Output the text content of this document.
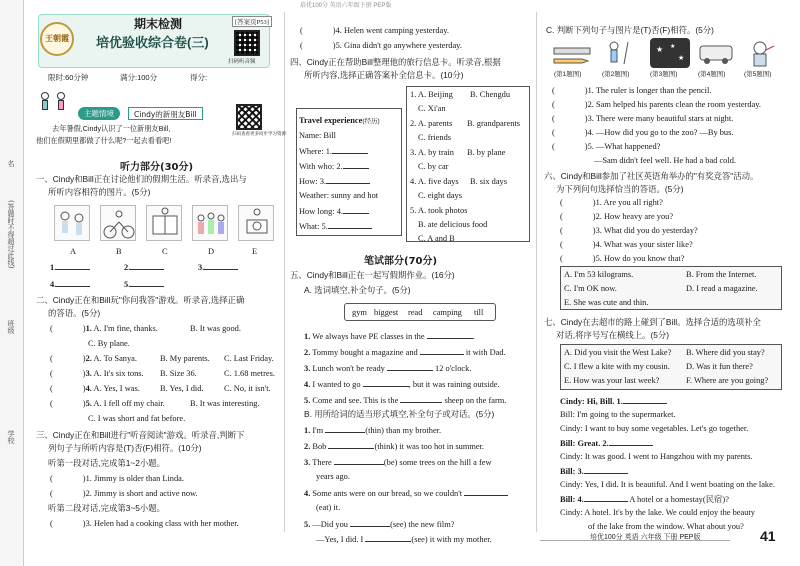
培优100分 英语六年级下册 PEP版
名
(答题时不得超过此线)
班级
学校
王朝霞
期末检测
培优验收综合卷(三)
[答案页P53]
扫码听音频
限时:60分钟	满分:100分	得分:
主题情境	Cindy的新朋友Bill
去年暑假,Cindy认识了一位新朋友Bill,
他们在假期里都做了什么呢?一起去看看吧!
扫码查看更多同步学习资源
听力部分(30分)
一、Cindy和Bill正在讨论他们的假期生活。听录音,选出与
所听内容相符的图片。(5分)
A	B	C	D	E
1.	2.	3.
4.	5.
二、Cindy正在和Bill玩"你问我答"游戏。听录音,选择正确
的答语。(5分)
(	)1. A. I'm fine, thanks.	B. It was good.
C. By plane.
(	)2. A. To Sanya.	B. My parents. C. Last Friday.
(	)3. A. It's six tons. B. Size 36.	C. 1.68 metres.
(	)4. A. Yes, I was. B. Yes, I did. C. No, it isn't.
(	)5. A. I fell off my chair.	B. It was interesting.
C. I was short and fat before.
三、Cindy正在和Bill进行"听音阅读"游戏。听录音,判断下
列句子与所听内容是(T)否(F)相符。(10分)
听第一段对话,完成第1~2小题。
(	)1. Jimmy is older than Linda.
(	)2. Jimmy is short and active now.
听第二段对话,完成第3~5小题。
(	)3. Helen had a cooking class with her mother.
(	)4. Helen went camping yesterday.
(	)5. Gina didn't go anywhere yesterday.
四、Cindy正在帮助Bill整理他的旅行信息卡。听录音,根据
所听内容,选择正确答案补全信息卡。(10分)
Travel experience(经历)
Name: Bill
Where: 1.
With who: 2.
How: 3.
Weather: sunny and hot
How long: 4.
What: 5.
1. A. Beijing B. Chengdu
C. Xi'an
2. A. parents B. grandparents
C. friends
3. A. by train B. by plane
C. by car
4. A. five days B. six days
C. eight days
5. A. took photos
B. ate delicious food
C. A and B
笔试部分(70分)
五、Cindy和Bill正在一起写假期作业。(16分)
A. 选词填空,补全句子。(5分)
gym biggest read camping till
1. We always have PE classes in the	.
2. Tommy bought a magazine and	it with Dad.
3. Lunch won't be ready	12 o'clock.
4. I wanted to go	, but it was raining outside.
5. Come and see. This is the	sheep on the farm.
B. 用所给词的适当形式填空,补全句子或对话。(5分)
1. I'm	(thin) than my brother.
2. Bob	(think) it was too hot in summer.
3. There	(be) some trees on the hill a few
years ago.
4. Some ants were on our bread, so we couldn't
(eat) it.
5. —Did you	(see) the new film?
—Yes, I did. I	(see) it with my mother.
C. 判断下列句子与图片是(T)否(F)相符。(5分)
★ ★
★
(第1题图)	(第2题图)	(第3题图)	(第4题图)	(第5题图)
(	)1. The ruler is longer than the pencil.
(	)2. Sam helped his parents clean the room yesterday.
(	)3. There were many beautiful stars at night.
(	)4. —How did you go to the zoo? —By bus.
(	)5. —What happened?
—Sam didn't feel well. He had a bad cold.
六、Cindy和Bill参加了社区英语角举办的"有奖竞答"活动。
为下列问句选择恰当的答语。(5分)
(	)1. Are you all right?
(	)2. How heavy are you?
(	)3. What did you do yesterday?
(	)4. What was your sister like?
(	)5. How do you know that?
A. I'm 53 kilograms.	B. From the Internet.
C. I'm OK now.	D. I read a magazine.
E. She was cute and thin.
七、Cindy在去超市的路上碰到了Bill。选择合适的选项补全
对话,将序号写在横线上。(5分)
A. Did you visit the West Lake? B. Where did you stay?
C. I flew a kite with my cousin. D. Was it fun there?
E. How was your last week?	F. Where are you going?
Cindy: Hi, Bill. 1.
Bill: I'm going to the supermarket.
Cindy: I want to buy some vegetables. Let's go together.
Bill: Great. 2.
Cindy: It was good. I went to Hangzhou with my parents.
Bill: 3.
Cindy: Yes, I did. It is beautiful. And I went boating on the lake.
Bill: 4.	A hotel or a homestay(民宿)?
Cindy: A hotel. It's by the lake. We could enjoy the beauty
of the lake from the window. What about you?
培优100分 英语 六年级 下册 PEP版	41
